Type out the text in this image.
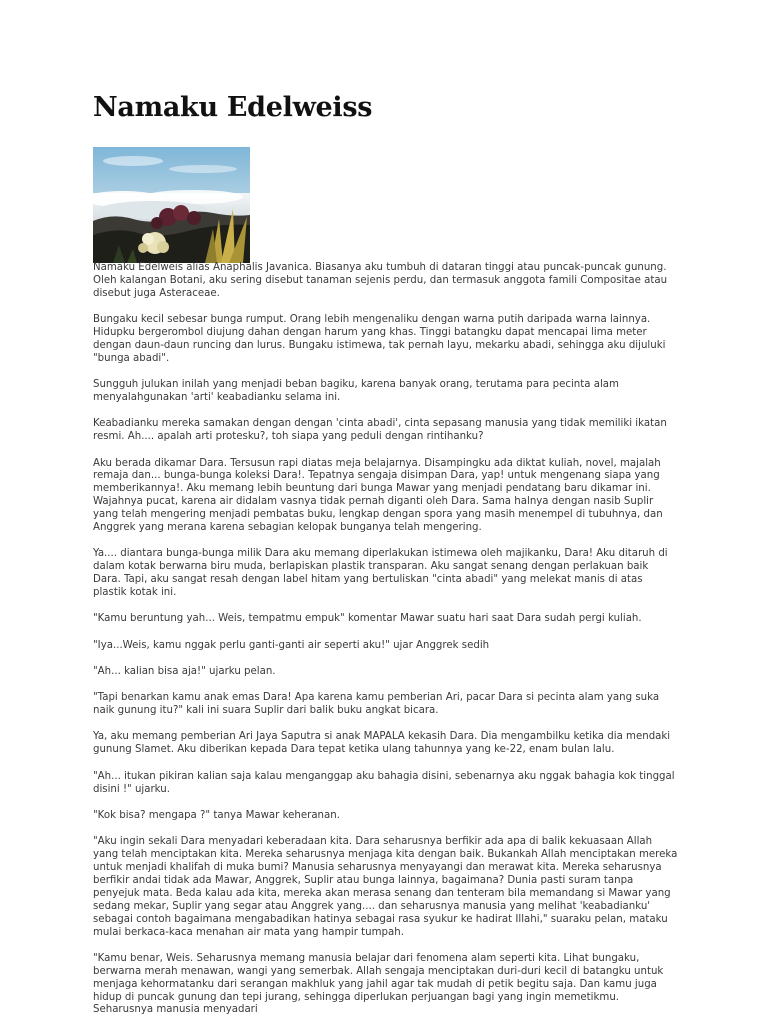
Namaku Edelweiss

Namaku Edelweis alias Anaphalis Javanica. Biasanya aku tumbuh di dataran tinggi atau puncak-puncak gunung. Oleh kalangan Botani, aku sering disebut tanaman sejenis perdu, dan termasuk anggota famili Compositae atau disebut juga Asteraceae.

Bungaku kecil sebesar bunga rumput. Orang lebih mengenaliku dengan warna putih daripada warna lainnya. Hidupku bergerombol diujung dahan dengan harum yang khas. Tinggi batangku dapat mencapai lima meter dengan daun-daun runcing dan lurus. Bungaku istimewa, tak pernah layu, mekarku abadi, sehingga aku dijuluki "bunga abadi".

Sungguh julukan inilah yang menjadi beban bagiku, karena banyak orang, terutama para pecinta alam menyalahgunakan 'arti' keabadianku selama ini.

Keabadianku mereka samakan dengan dengan 'cinta abadi', cinta sepasang manusia yang tidak memiliki ikatan resmi. Ah.... apalah arti protesku?, toh siapa yang peduli dengan rintihanku?

Aku berada dikamar Dara. Tersusun rapi diatas meja belajarnya. Disampingku ada diktat kuliah, novel, majalah remaja dan... bunga-bunga koleksi Dara!. Tepatnya sengaja disimpan Dara, yap! untuk mengenang siapa yang memberikannya!. Aku memang lebih beuntung dari bunga Mawar yang menjadi pendatang baru dikamar ini. Wajahnya pucat, karena air didalam vasnya tidak pernah diganti oleh Dara. Sama halnya dengan nasib Suplir yang telah mengering menjadi pembatas buku, lengkap dengan spora yang masih menempel di tubuhnya, dan Anggrek yang merana karena sebagian kelopak bunganya telah mengering.

Ya.... diantara bunga-bunga milik Dara aku memang diperlakukan istimewa oleh majikanku, Dara! Aku ditaruh di dalam kotak berwarna biru muda, berlapiskan plastik transparan. Aku sangat senang dengan perlakuan baik Dara. Tapi, aku sangat resah dengan label hitam yang bertuliskan "cinta abadi" yang melekat manis di atas plastik kotak ini.

"Kamu beruntung yah... Weis, tempatmu empuk" komentar Mawar suatu hari saat Dara sudah pergi kuliah.

"Iya...Weis, kamu nggak perlu ganti-ganti air seperti aku!" ujar Anggrek sedih

"Ah... kalian bisa aja!" ujarku pelan.

"Tapi benarkan kamu anak emas Dara! Apa karena kamu pemberian Ari, pacar Dara si pecinta alam yang suka naik gunung itu?" kali ini suara Suplir dari balik buku angkat bicara.

Ya, aku memang pemberian Ari Jaya Saputra si anak MAPALA kekasih Dara. Dia mengambilku ketika dia mendaki gunung Slamet. Aku diberikan kepada Dara tepat ketika ulang tahunnya yang ke-22, enam bulan lalu.

"Ah... itukan pikiran kalian saja kalau menganggap aku bahagia disini, sebenarnya aku nggak bahagia kok tinggal disini !" ujarku.

"Kok bisa? mengapa ?" tanya Mawar keheranan.

"Aku ingin sekali Dara menyadari keberadaan kita. Dara seharusnya berfikir ada apa di balik kekuasaan Allah yang telah menciptakan kita. Mereka seharusnya menjaga kita dengan baik. Bukankah Allah menciptakan mereka untuk menjadi khalifah di muka bumi? Manusia seharusnya menyayangi dan merawat kita. Mereka seharusnya berfikir andai tidak ada Mawar, Anggrek, Suplir atau bunga lainnya, bagaimana? Dunia pasti suram tanpa penyejuk mata. Beda kalau ada kita, mereka akan merasa senang dan tenteram bila memandang si Mawar yang sedang mekar, Suplir yang segar atau Anggrek yang.... dan seharusnya manusia yang melihat 'keabadianku' sebagai contoh bagaimana mengabadikan hatinya sebagai rasa syukur ke hadirat Illahi," suaraku pelan, mataku mulai berkaca-kaca menahan air mata yang hampir tumpah.

"Kamu benar, Weis. Seharusnya memang manusia belajar dari fenomena alam seperti kita. Lihat bungaku, berwarna merah menawan, wangi yang semerbak. Allah sengaja menciptakan duri-duri kecil di batangku untuk menjaga kehormatanku dari serangan makhluk yang jahil agar tak mudah di petik begitu saja. Dan kamu juga hidup di puncak gunung dan tepi jurang, sehingga diperlukan perjuangan bagi yang ingin memetikmu. Seharusnya manusia menyadari
